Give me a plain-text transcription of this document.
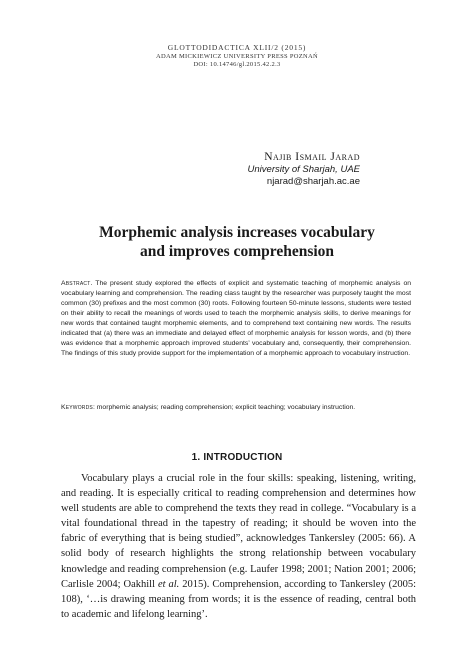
GLOTTODIDACTICA XLII/2 (2015)
ADAM MICKIEWICZ UNIVERSITY PRESS POZNAŃ
DOI: 10.14746/gl.2015.42.2.3
Najib Ismail Jarad
University of Sharjah, UAE
njarad@sharjah.ac.ae
Morphemic analysis increases vocabulary
and improves comprehension
Abstract. The present study explored the effects of explicit and systematic teaching of morphemic analysis on vocabulary learning and comprehension. The reading class taught by the researcher was purposely taught the most common (30) prefixes and the most common (30) roots. Following fourteen 50-minute lessons, students were tested on their ability to recall the meanings of words used to teach the morphemic analysis skills, to derive meanings for new words that contained taught morphemic elements, and to comprehend text containing new words. The results indicated that (a) there was an immediate and delayed effect of morphemic analysis for lesson words, and (b) there was evidence that a morphemic approach improved students’ vocabulary and, consequently, their comprehension. The findings of this study provide support for the implementation of a morphemic approach to vocabulary instruction.
Keywords: morphemic analysis; reading comprehension; explicit teaching; vocabulary instruction.
1. INTRODUCTION
Vocabulary plays a crucial role in the four skills: speaking, listening, writing, and reading. It is especially critical to reading comprehension and determines how well students are able to comprehend the texts they read in college. “Vocabulary is a vital foundational thread in the tapestry of reading; it should be woven into the fabric of everything that is being studied”, acknowledges Tankersley (2005: 66). A solid body of research highlights the strong relationship between vocabulary knowledge and reading comprehension (e.g. Laufer 1998; 2001; Nation 2001; 2006; Carlisle 2004; Oakhill et al. 2015). Comprehension, according to Tankersley (2005: 108), ‘…is drawing meaning from words; it is the essence of reading, central both to academic and lifelong learning’.
